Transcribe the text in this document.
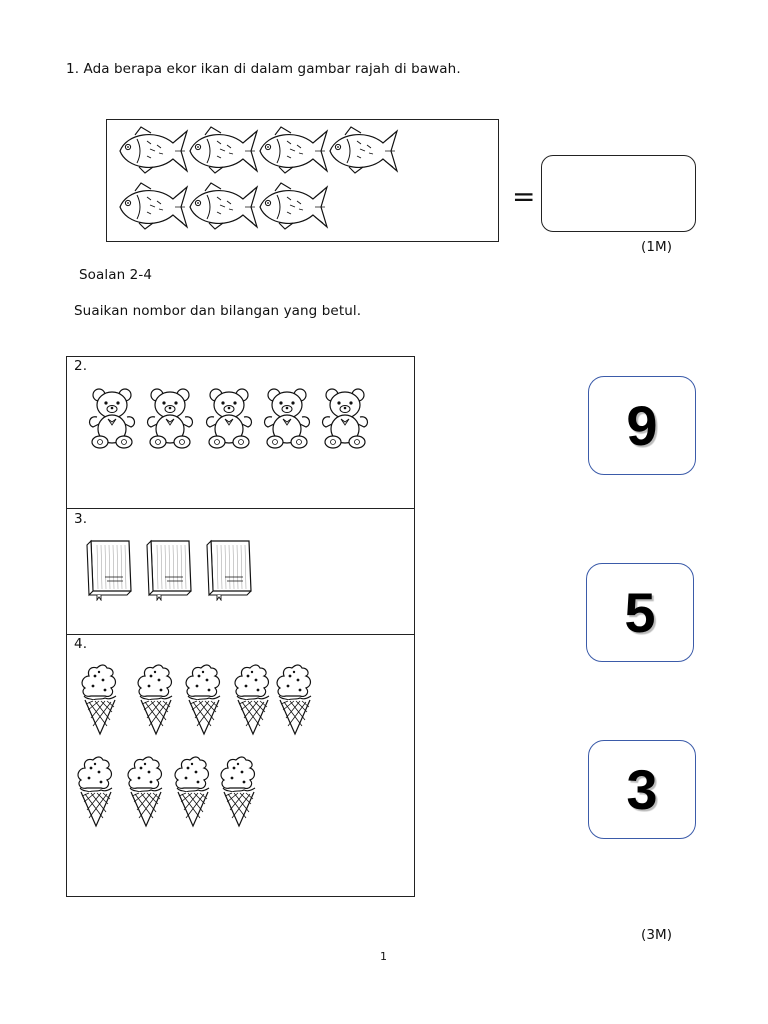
1. Ada berapa ekor ikan di dalam gambar rajah di bawah.
=
(1M)
Soalan 2-4
Suaikan nombor dan bilangan yang betul.
2.
3.
4.
9
5
3
(3M)
1
